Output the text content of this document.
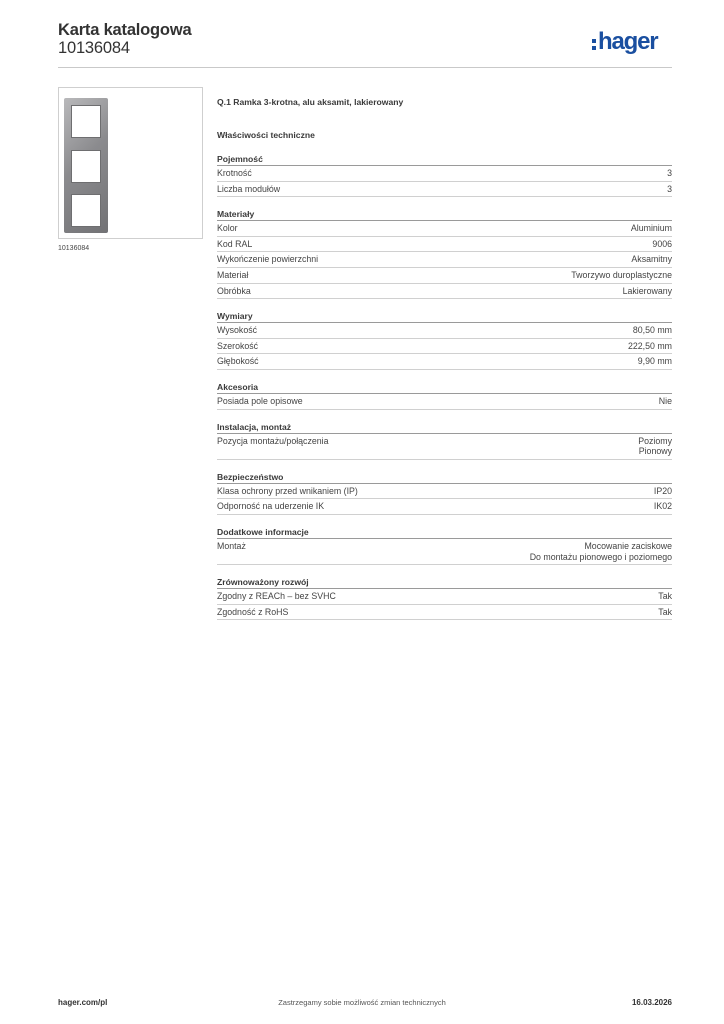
Karta katalogowa
10136084	hager
10136084
Q.1 Ramka 3-krotna, alu aksamit, lakierowany
Właściwości techniczne
Pojemność
Krotność	3
Liczba modułów	3
Materiały
Kolor	Aluminium
Kod RAL	9006
Wykończenie powierzchni	Aksamitny
Materiał	Tworzywo duroplastyczne
Obróbka	Lakierowany
Wymiary
Wysokość	80,50 mm
Szerokość	222,50 mm
Głębokość	9,90 mm
Akcesoria
Posiada pole opisowe	Nie
Instalacja, montaż
Pozycja montażu/połączenia	Poziomy
Pionowy
Bezpieczeństwo
Klasa ochrony przed wnikaniem (IP)	IP20
Odporność na uderzenie IK	IK02
Dodatkowe informacje
Montaż	Mocowanie zaciskowe
Do montażu pionowego i poziomego
Zrównoważony rozwój
Zgodny z REACh – bez SVHC	Tak
Zgodność z RoHS	Tak
hager.com/pl	Zastrzegamy sobie możliwość zmian technicznych	16.03.2026
